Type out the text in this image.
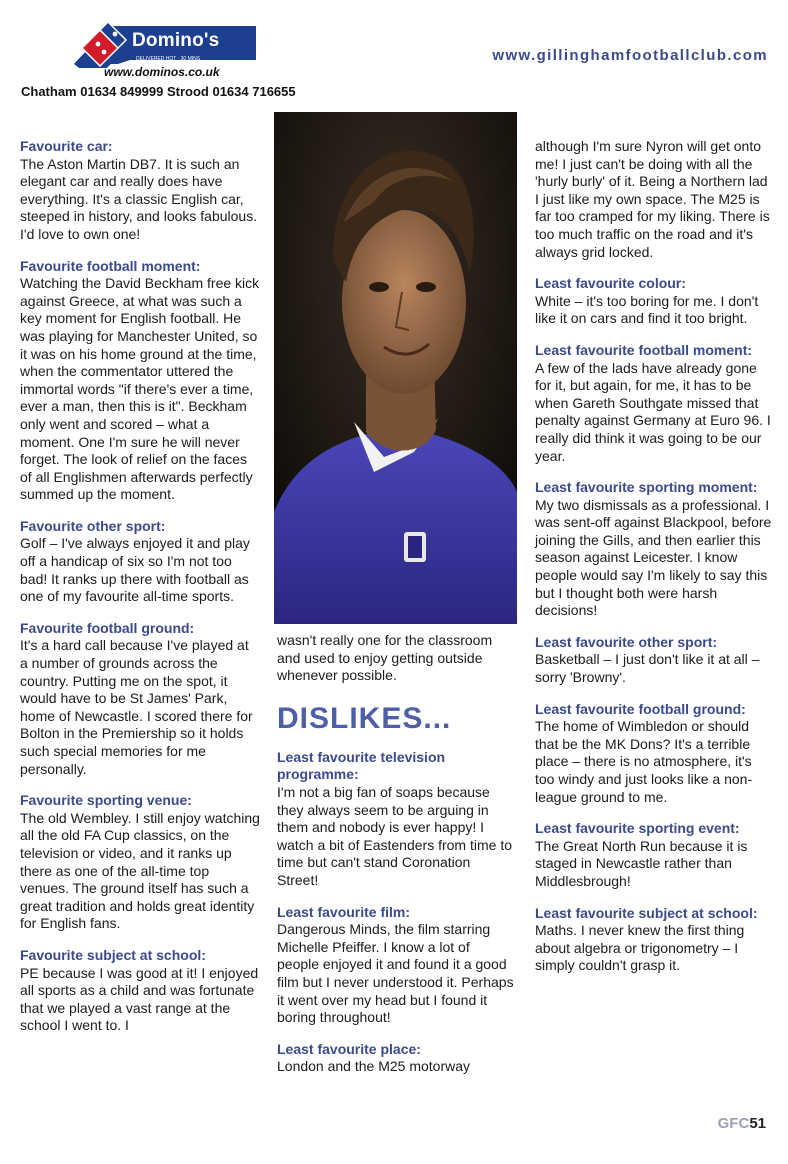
Domino's
DELIVERED HOT · 30 MINS
www.dominos.co.uk
Chatham 01634 849999 Strood 01634 716655
www.gillinghamfootballclub.com
Favourite car:

The Aston Martin DB7. It is such an elegant car and really does have everything. It's a classic English car, steeped in history, and looks fabulous. I'd love to own one!

Favourite football moment:

Watching the David Beckham free kick against Greece, at what was such a key moment for English football. He was playing for Manchester United, so it was on his home ground at the time, when the commentator uttered the immortal words "if there's ever a time, ever a man, then this is it". Beckham only went and scored – what a moment. One I'm sure he will never forget. The look of relief on the faces of all Englishmen afterwards perfectly summed up the moment.

Favourite other sport:

Golf – I've always enjoyed it and play off a handicap of six so I'm not too bad! It ranks up there with football as one of my favourite all-time sports.

Favourite football ground:

It's a hard call because I've played at a number of grounds across the country. Putting me on the spot, it would have to be St James' Park, home of Newcastle. I scored there for Bolton in the Premiership so it holds such special memories for me personally.

Favourite sporting venue:

The old Wembley. I still enjoy watching all the old FA Cup classics, on the television or video, and it ranks up there as one of the all-time top venues. The ground itself has such a great tradition and holds great identity for English fans.

Favourite subject at school:

PE because I was good at it! I enjoyed all sports as a child and was fortunate that we played a vast range at the school I went to. I

wasn't really one for the classroom and used to enjoy getting outside whenever possible.

DISLIKES...
Least favourite television programme:

I'm not a big fan of soaps because they always seem to be arguing in them and nobody is ever happy! I watch a bit of Eastenders from time to time but can't stand Coronation Street!

Least favourite film:

Dangerous Minds, the film starring Michelle Pfeiffer. I know a lot of people enjoyed it and found it a good film but I never understood it. Perhaps it went over my head but I found it boring throughout!

Least favourite place:

London and the M25 motorway

although I'm sure Nyron will get onto me! I just can't be doing with all the 'hurly burly' of it. Being a Northern lad I just like my own space. The M25 is far too cramped for my liking. There is too much traffic on the road and it's always grid locked.

Least favourite colour:

White – it's too boring for me. I don't like it on cars and find it too bright.

Least favourite football moment:

A few of the lads have already gone for it, but again, for me, it has to be when Gareth Southgate missed that penalty against Germany at Euro 96. I really did think it was going to be our year.

Least favourite sporting moment:

My two dismissals as a professional. I was sent-off against Blackpool, before joining the Gills, and then earlier this season against Leicester. I know people would say I'm likely to say this but I thought both were harsh decisions!

Least favourite other sport:

Basketball – I just don't like it at all – sorry 'Browny'.

Least favourite football ground:

The home of Wimbledon or should that be the MK Dons? It's a terrible place – there is no atmosphere, it's too windy and just looks like a non-league ground to me.

Least favourite sporting event:

The Great North Run because it is staged in Newcastle rather than Middlesbrough!

Least favourite subject at school:

Maths. I never knew the first thing about algebra or trigonometry – I simply couldn't grasp it.

GFC51
